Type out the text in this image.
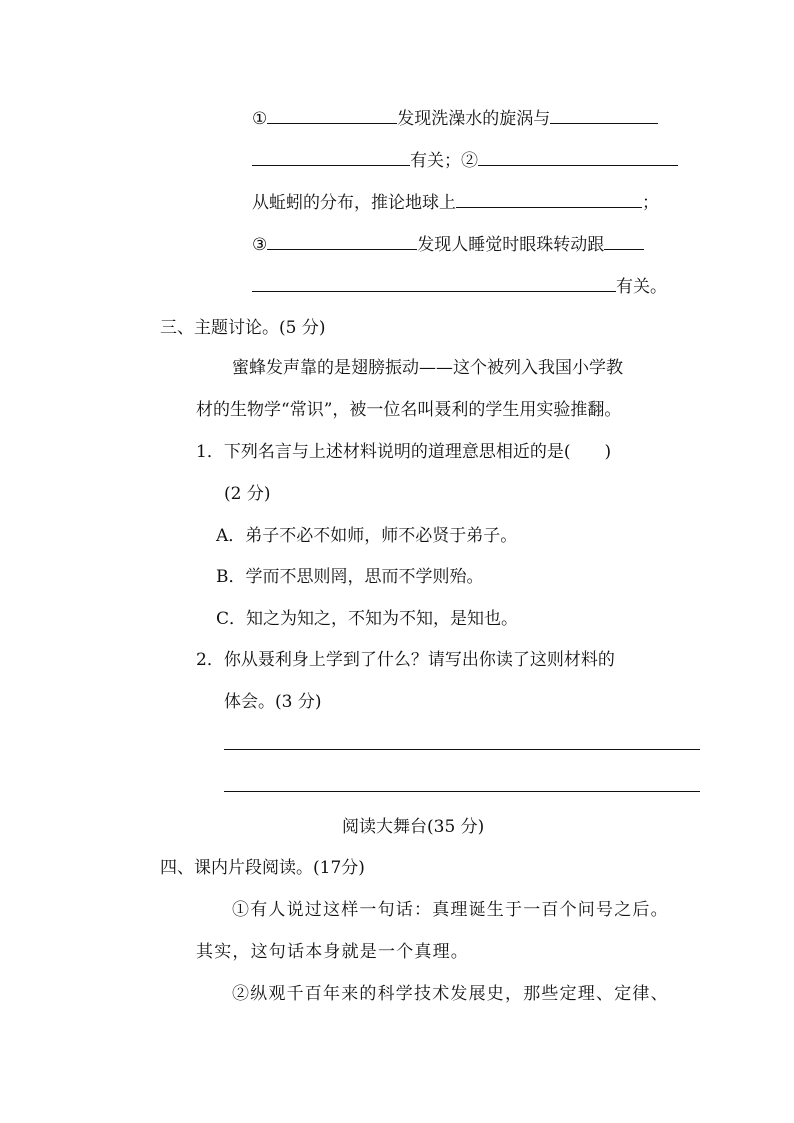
①	发现洗澡水的旋涡与
有关；②
从蚯蚓的分布，推论地球上	；
③	发现人睡觉时眼珠转动跟
有关。
三、主题讨论。(5 分)
蜜蜂发声靠的是翅膀振动——这个被列入我国小学教
材的生物学“常识”，被一位名叫聂利的学生用实验推翻。
1．下列名言与上述材料说明的道理意思相近的是(　　)
(2 分)
A．弟子不必不如师，师不必贤于弟子。
B．学而不思则罔，思而不学则殆。
C．知之为知之，不知为不知，是知也。
2．你从聂利身上学到了什么？请写出你读了这则材料的
体会。(3 分)
阅读大舞台(35 分)
四、课内片段阅读。(17分)
①有人说过这样一句话：真理诞生于一百个问号之后。
其实，这句话本身就是一个真理。
②纵观千百年来的科学技术发展史，那些定理、定律、
